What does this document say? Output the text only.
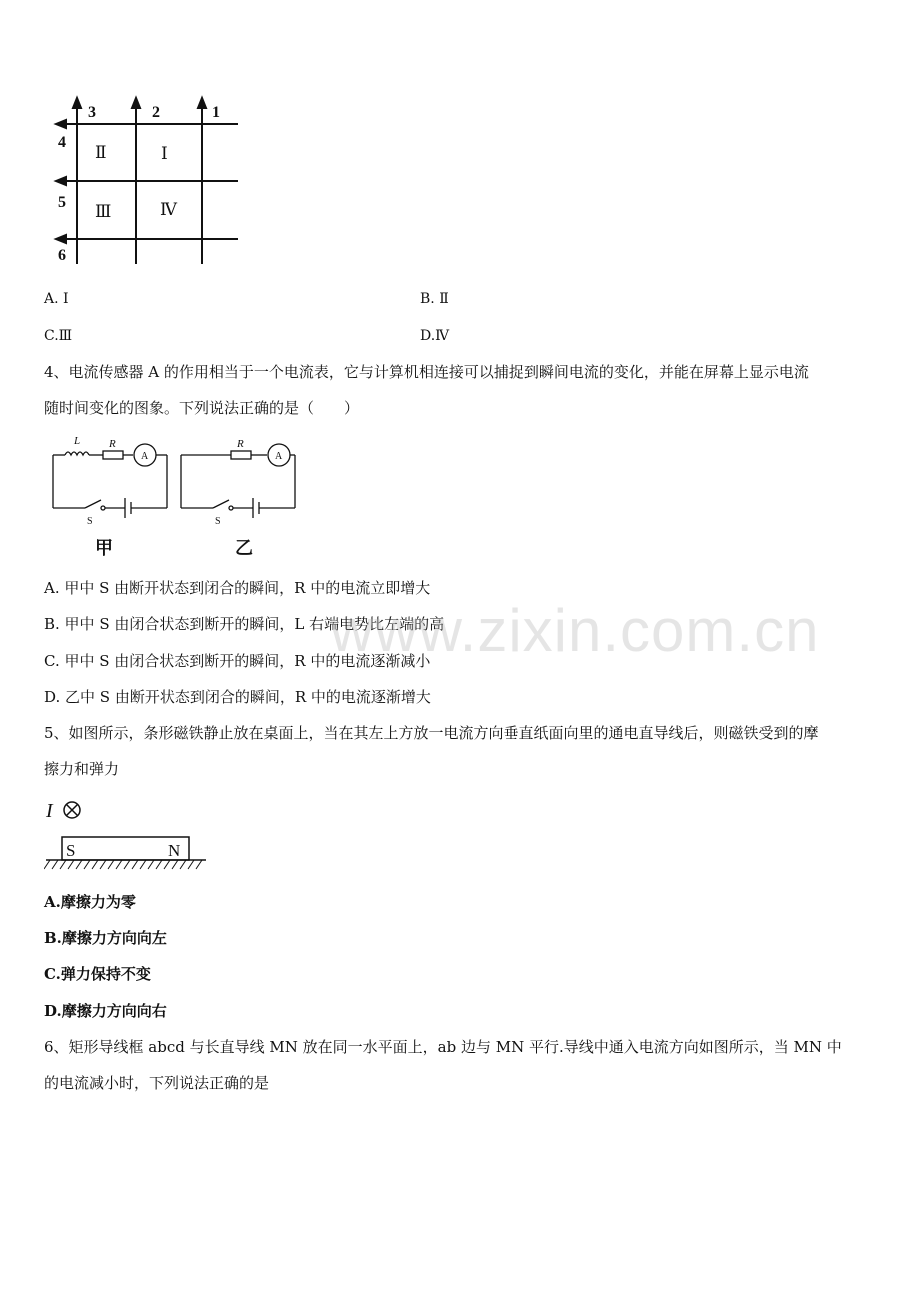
1
2
3
4
5
6
Ⅰ
Ⅱ
Ⅲ	Ⅳ
A. Ⅰ	B. Ⅱ
C.Ⅲ	D.Ⅳ
4、电流传感器 A 的作用相当于一个电流表，它与计算机相连接可以捕捉到瞬间电流的变化，并能在屏幕上显示电流
随时间变化的图象。下列说法正确的是（　　）
L	R	R
A	A
S	S
甲	乙
A. 甲中 S 由断开状态到闭合的瞬间，R 中的电流立即增大
B. 甲中 S 由闭合状态到断开的瞬间，L 右端电势比左端的高
C. 甲中 S 由闭合状态到断开的瞬间，R 中的电流逐渐减小
D. 乙中 S 由断开状态到闭合的瞬间，R 中的电流逐渐增大
5、如图所示，条形磁铁静止放在桌面上，当在其左上方放一电流方向垂直纸面向里的通电直导线后，则磁铁受到的摩
擦力和弹力
I
S	N
A.摩擦力为零
B.摩擦力方向向左
C.弹力保持不变
D.摩擦力方向向右
6、矩形导线框 abcd 与长直导线 MN 放在同一水平面上，ab 边与 MN 平行.导线中通入电流方向如图所示，当 MN 中
的电流减小时，下列说法正确的是
www.zixin.com.cn
